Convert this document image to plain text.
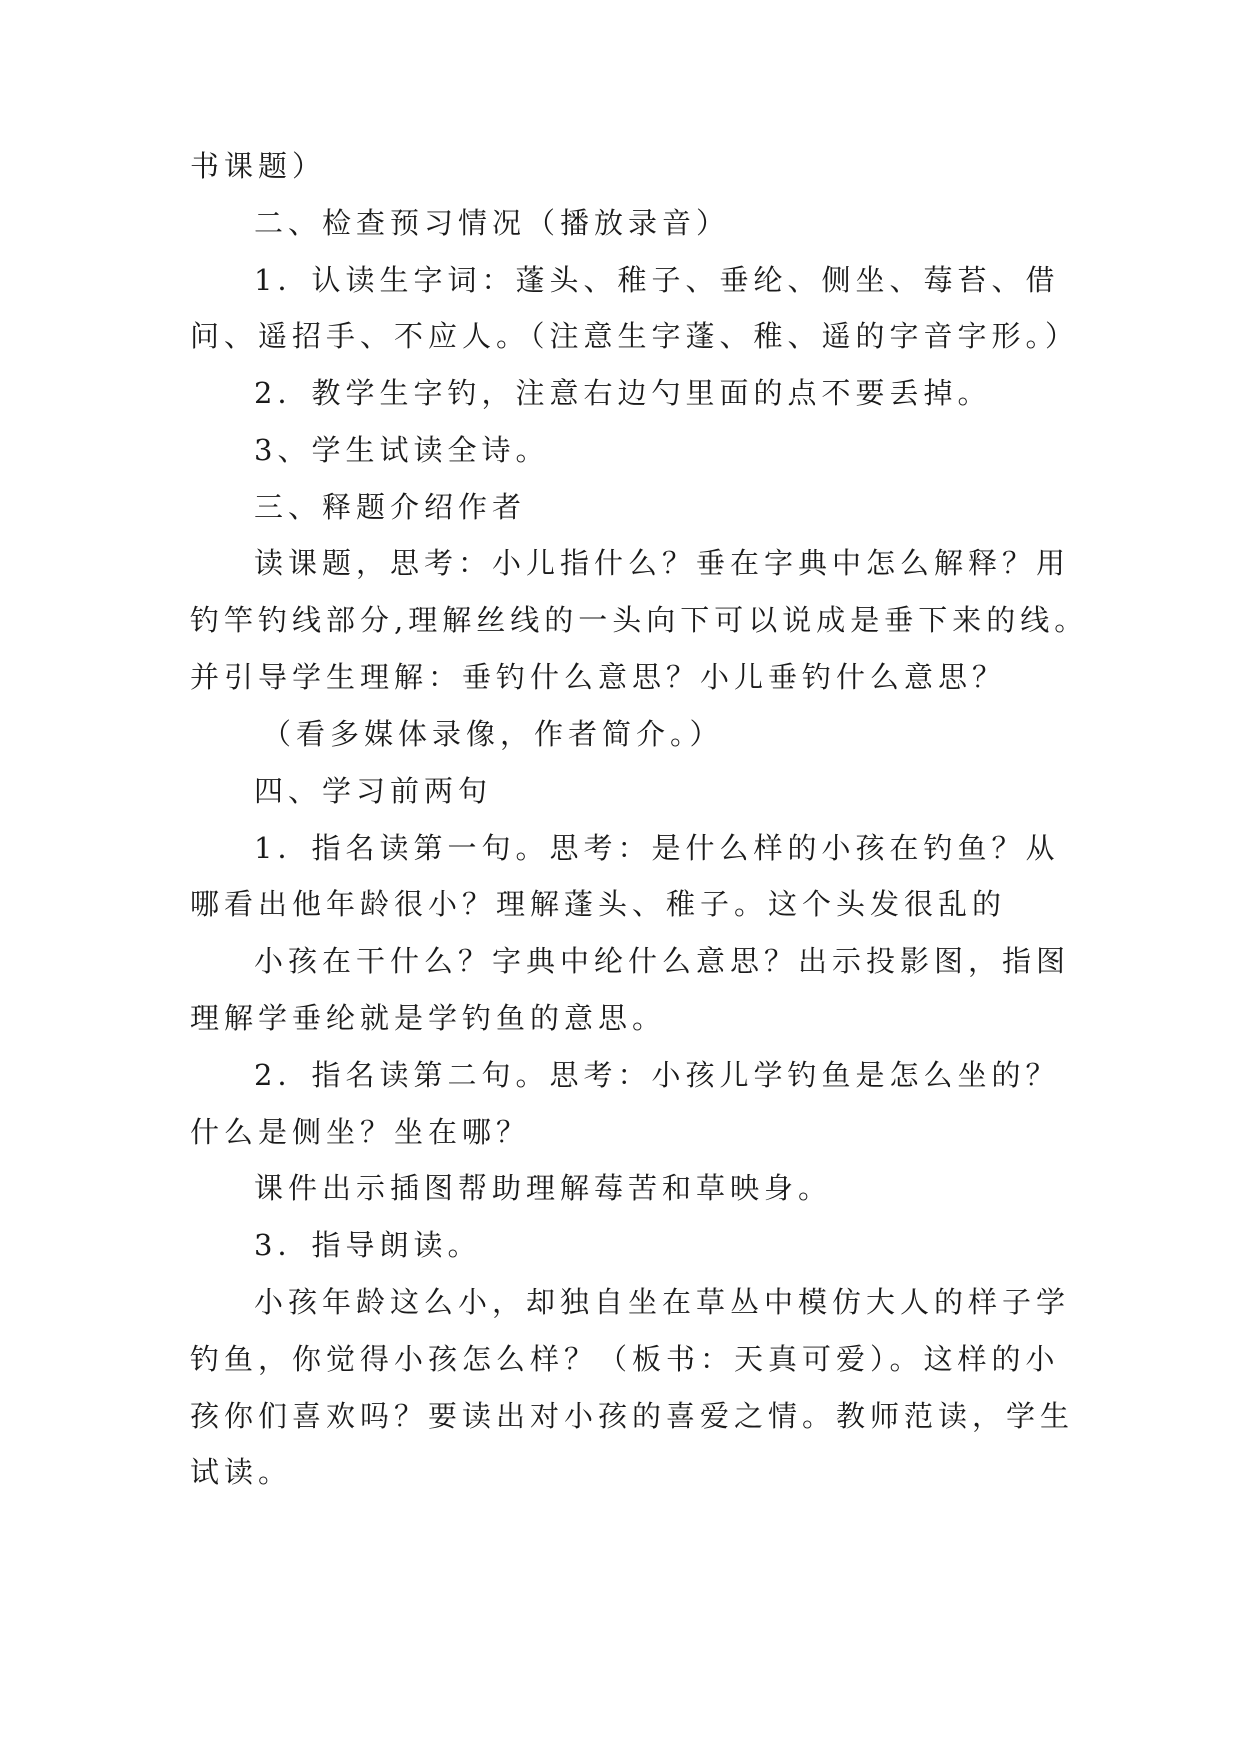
书课题）
二、检查预习情况（播放录音）
1．认读生字词：蓬头、稚子、垂纶、侧坐、莓苔、借
问、遥招手、不应人。（注意生字蓬、稚、遥的字音字形。）
2．教学生字钓，注意右边勺里面的点不要丢掉。
3、学生试读全诗。
三、释题介绍作者
读课题，思考：小儿指什么？垂在字典中怎么解释？用
钓竿钓线部分,理解丝线的一头向下可以说成是垂下来的线。
并引导学生理解：垂钓什么意思？小儿垂钓什么意思？
（看多媒体录像，作者简介。）
四、学习前两句
1．指名读第一句。思考：是什么样的小孩在钓鱼？从
哪看出他年龄很小？理解蓬头、稚子。这个头发很乱的
小孩在干什么？字典中纶什么意思？出示投影图，指图
理解学垂纶就是学钓鱼的意思。
2．指名读第二句。思考：小孩儿学钓鱼是怎么坐的？
什么是侧坐？坐在哪？
课件出示插图帮助理解莓苦和草映身。
3．指导朗读。
小孩年龄这么小，却独自坐在草丛中模仿大人的样子学
钓鱼，你觉得小孩怎么样？（板书：天真可爱）。这样的小
孩你们喜欢吗？要读出对小孩的喜爱之情。教师范读，学生
试读。
